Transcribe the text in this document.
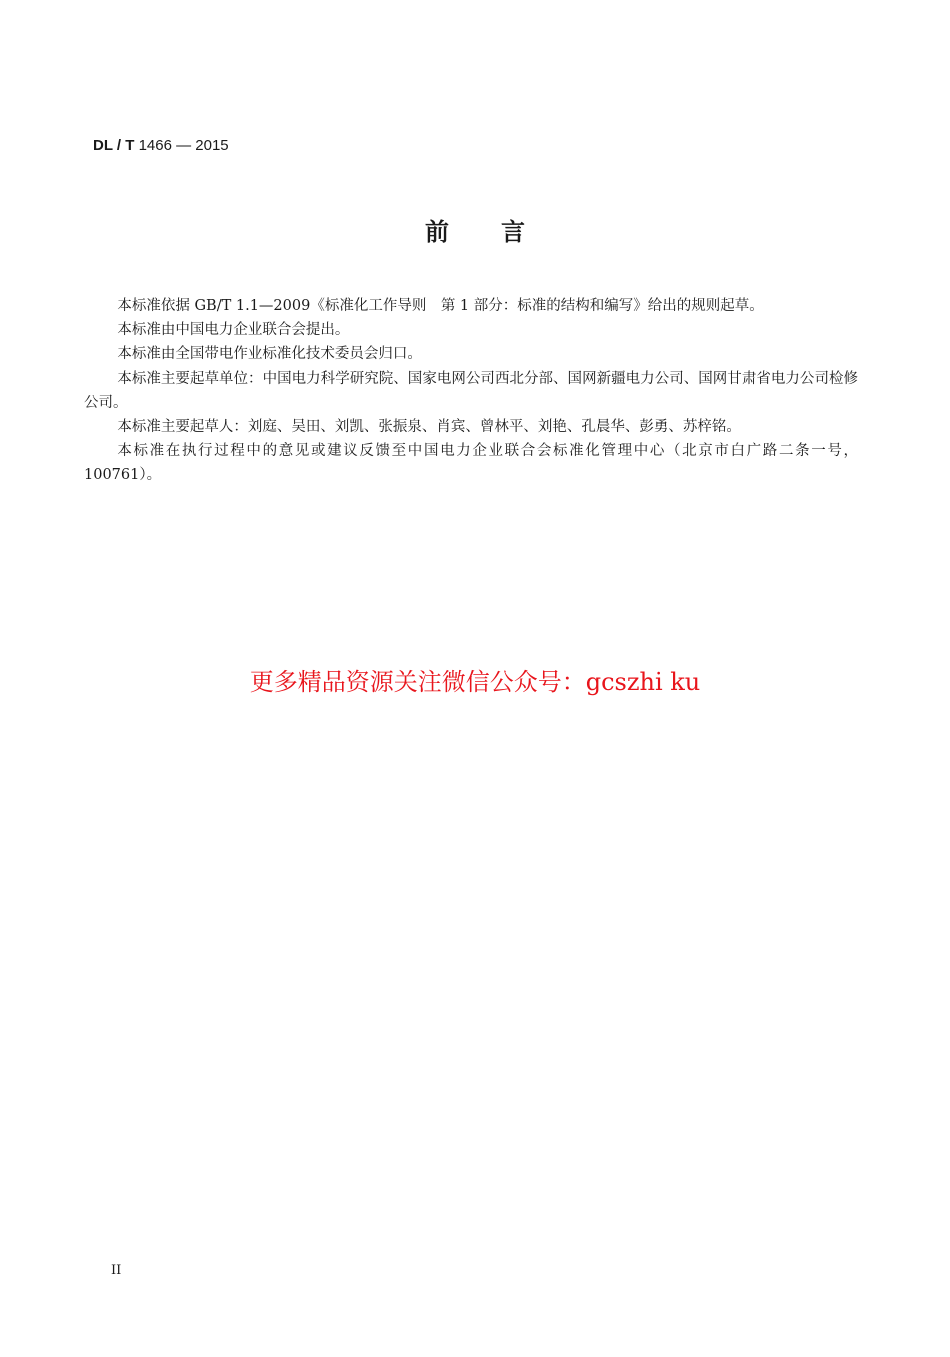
DL / T 1466 — 2015
前 言

本标准依据 GB/T 1.1—2009《标准化工作导则　第 1 部分：标准的结构和编写》给出的规则起草。

本标准由中国电力企业联合会提出。

本标准由全国带电作业标准化技术委员会归口。

本标准主要起草单位：中国电力科学研究院、国家电网公司西北分部、国网新疆电力公司、国网甘肃省电力公司检修公司。

本标准主要起草人：刘庭、吴田、刘凯、张振泉、肖宾、曾林平、刘艳、孔晨华、彭勇、苏梓铭。

本标准在执行过程中的意见或建议反馈至中国电力企业联合会标准化管理中心（北京市白广路二条一号，100761）。

更多精品资源关注微信公众号：gcszhi ku
II
